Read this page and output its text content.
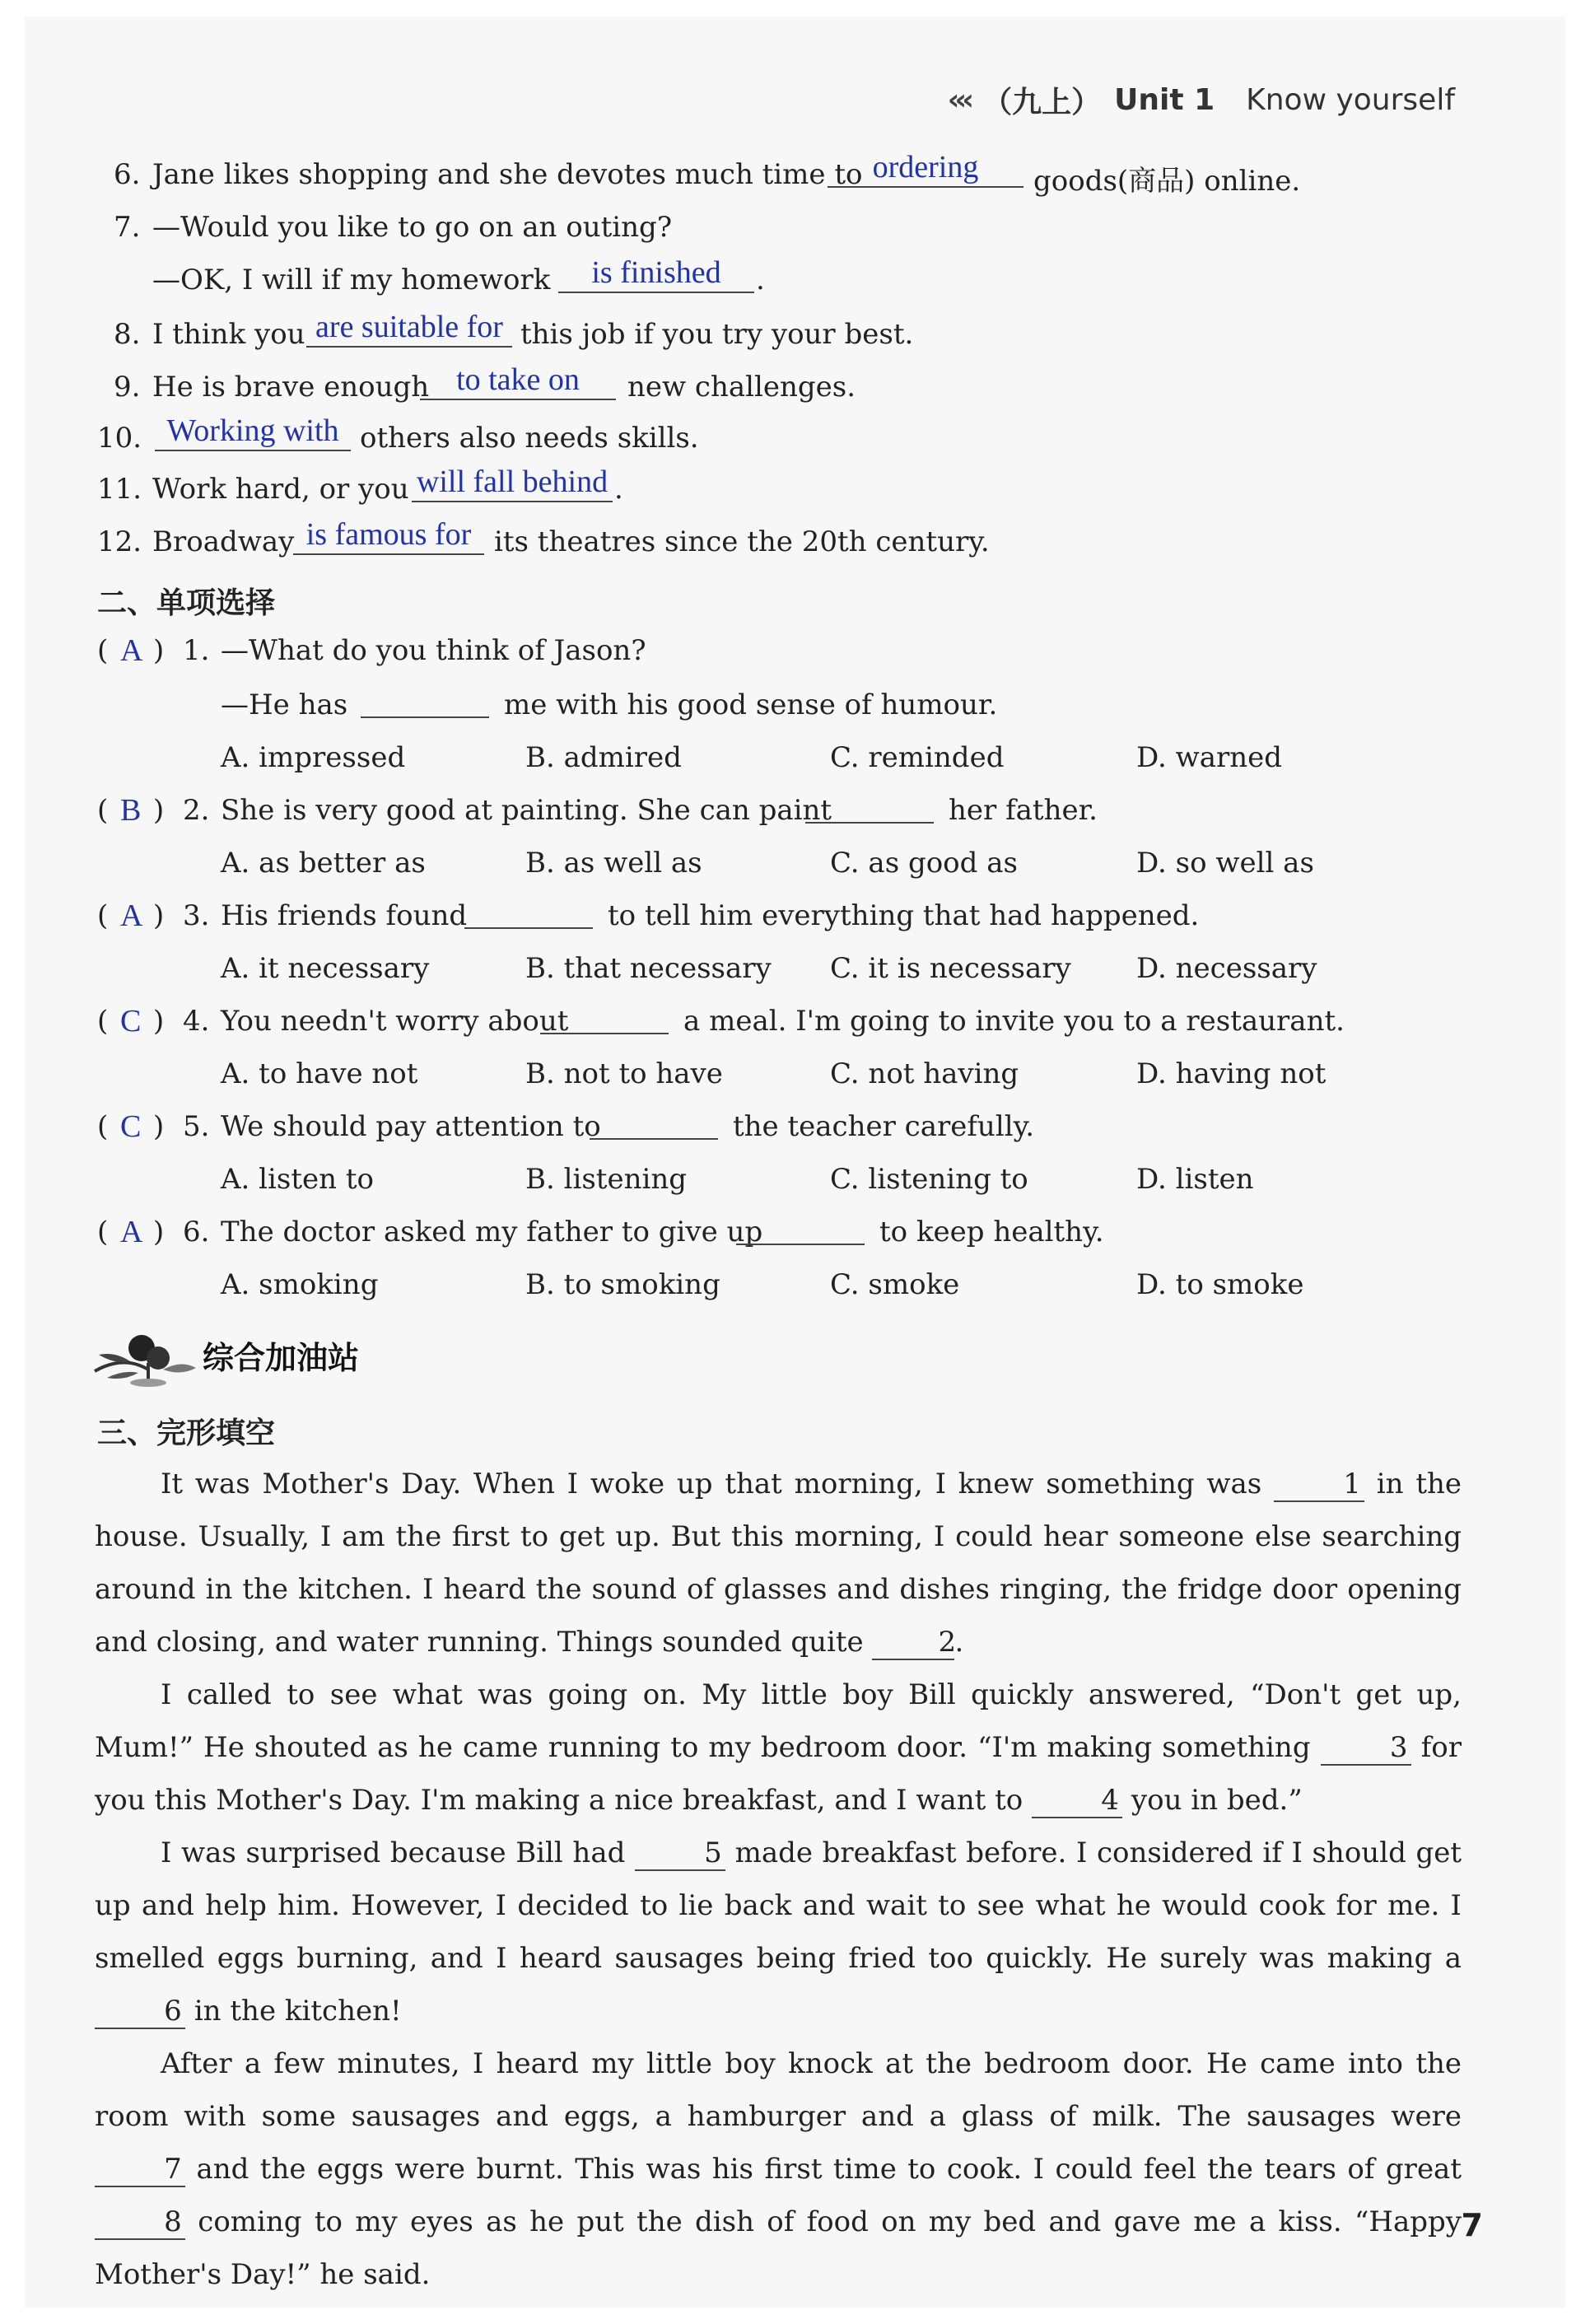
‹‹‹ （九上） Unit 1 Know yourself
6. Jane likes shopping and she devotes much time to ordering	goods(商品) online.
7. —Would you like to go on an outing?
—OK, I will if my homework	is finished	.
8. I think you are suitable for this job if you try your best.
9. He is brave enough to take on	new challenges.
10. Working with others also needs skills.
11. Work hard, or you will fall behind .
12. Broadway is famous for its theatres since the 20th century.
二、单项选择
( A ) 1. —What do you think of Jason?
—He has	me with his good sense of humour.
A. impressed	B. admired	C. reminded	D. warned
( B ) 2. She is very good at painting. She can paint	her father.
A. as better as	B. as well as	C. as good as	D. so well as
( A ) 3. His friends found	to tell him everything that had happened.
A. it necessary	B. that necessary C. it is necessary D. necessary
( C ) 4. You needn't worry about	a meal. I'm going to invite you to a restaurant.
A. to have not	B. not to have	C. not having	D. having not
( C ) 5. We should pay attention to	the teacher carefully.
A. listen to	B. listening	C. listening to	D. listen
( A ) 6. The doctor asked my father to give up	to keep healthy.
A. smoking	B. to smoking	C. smoke	D. to smoke
综合加油站
三、完形填空

It was Mother's Day. When I woke up that morning, I knew something was	1 in the house. Usually, I am the first to get up. But this morning, I could hear someone else searching around in the kitchen. I heard the sound of glasses and dishes ringing, the fridge door opening and closing, and water running. Things sounded quite	2.

I called to see what was going on. My little boy Bill quickly answered, “Don't get up, Mum!” He shouted as he came running to my bedroom door. “I'm making something	3 for you this Mother's Day. I'm making a nice breakfast, and I want to	4 you in bed.”

I was surprised because Bill had	5 made breakfast before. I considered if I should get up and help him. However, I decided to lie back and wait to see what he would cook for me. I smelled eggs burning, and I heard sausages being fried too quickly. He surely was making a 6 in the kitchen!

After a few minutes, I heard my little boy knock at the bedroom door. He came into the room with some sausages and eggs, a hamburger and a glass of milk. The sausages were 7 and the eggs were burnt. This was his first time to cook. I could feel the tears of great 8 coming to my eyes as he put the dish of food on my bed and gave me a kiss. “Happy Mother's Day!” he said.

7
